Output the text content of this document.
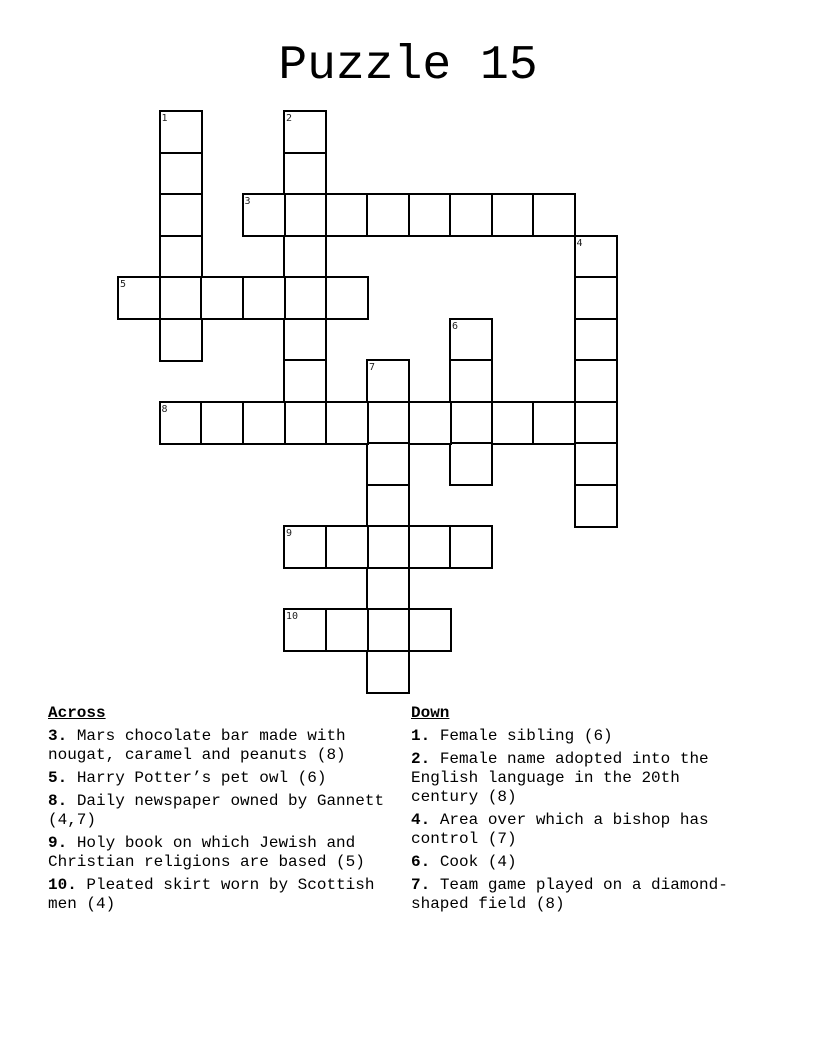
Puzzle 15
1	2
3
4
5
6
7
8
9
10
Across
3. Mars chocolate bar made with nougat, caramel and peanuts (8)
5. Harry Potter’s pet owl (6)
8. Daily newspaper owned by Gannett (4,7)
9. Holy book on which Jewish and Christian religions are based (5)
10. Pleated skirt worn by Scottish men (4)
Down
1. Female sibling (6)
2. Female name adopted into the English language in the 20th century (8)
4. Area over which a bishop has control (7)
6. Cook (4)
7. Team game played on a diamond-shaped field (8)
